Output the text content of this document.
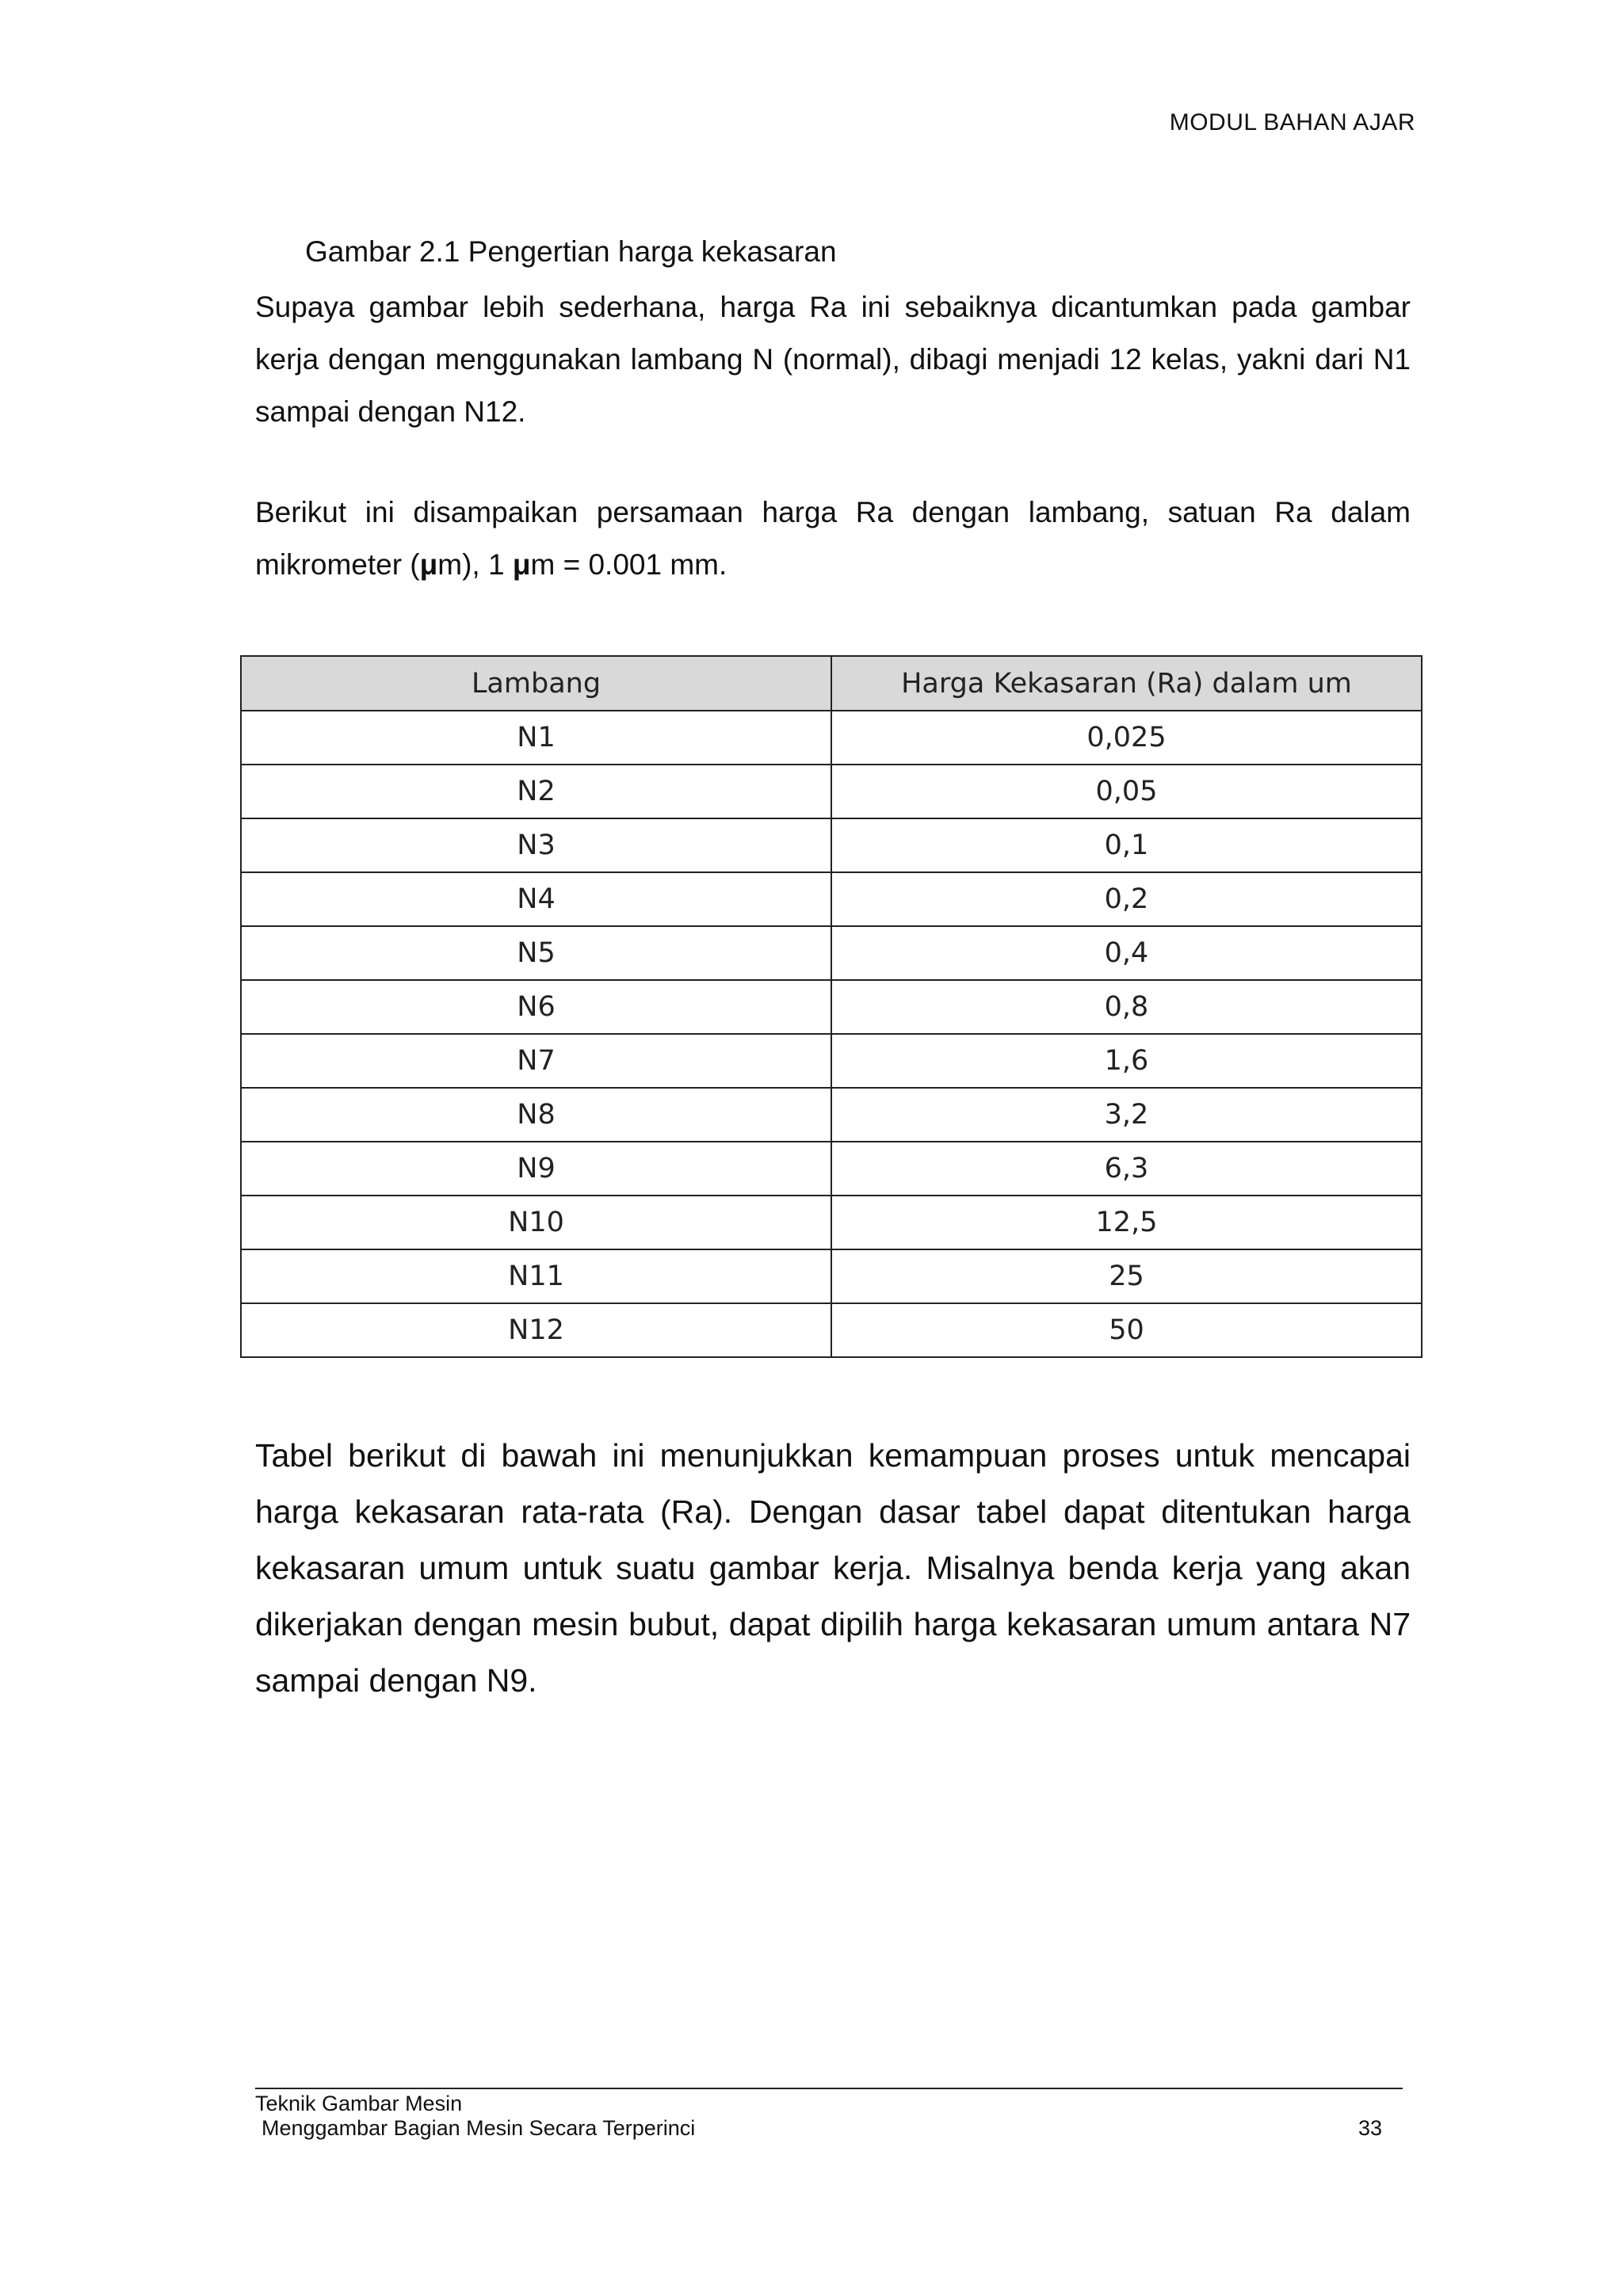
MODUL BAHAN AJAR
Gambar 2.1 Pengertian harga kekasaran

Supaya gambar lebih sederhana, harga Ra ini sebaiknya dicantumkan pada gambar kerja dengan menggunakan lambang N (normal), dibagi menjadi 12 kelas, yakni dari N1 sampai dengan N12.

Berikut ini disampaikan persamaan harga Ra dengan lambang, satuan Ra dalam mikrometer (μm), 1 μm = 0.001 mm.

Lambang	Harga Kekasaran (Ra) dalam um
N1	0,025
N2	0,05
N3	0,1
N4	0,2
N5	0,4
N6	0,8
N7	1,6
N8	3,2
N9	6,3
N10	12,5
N11	25
N12	50

Tabel berikut di bawah ini menunjukkan kemampuan proses untuk mencapai harga kekasaran rata-rata (Ra). Dengan dasar tabel dapat ditentukan harga kekasaran umum untuk suatu gambar kerja. Misalnya benda kerja yang akan dikerjakan dengan mesin bubut, dapat dipilih harga kekasaran umum antara N7 sampai dengan N9.

Teknik Gambar Mesin
Menggambar Bagian Mesin Secara Terperinci	33
